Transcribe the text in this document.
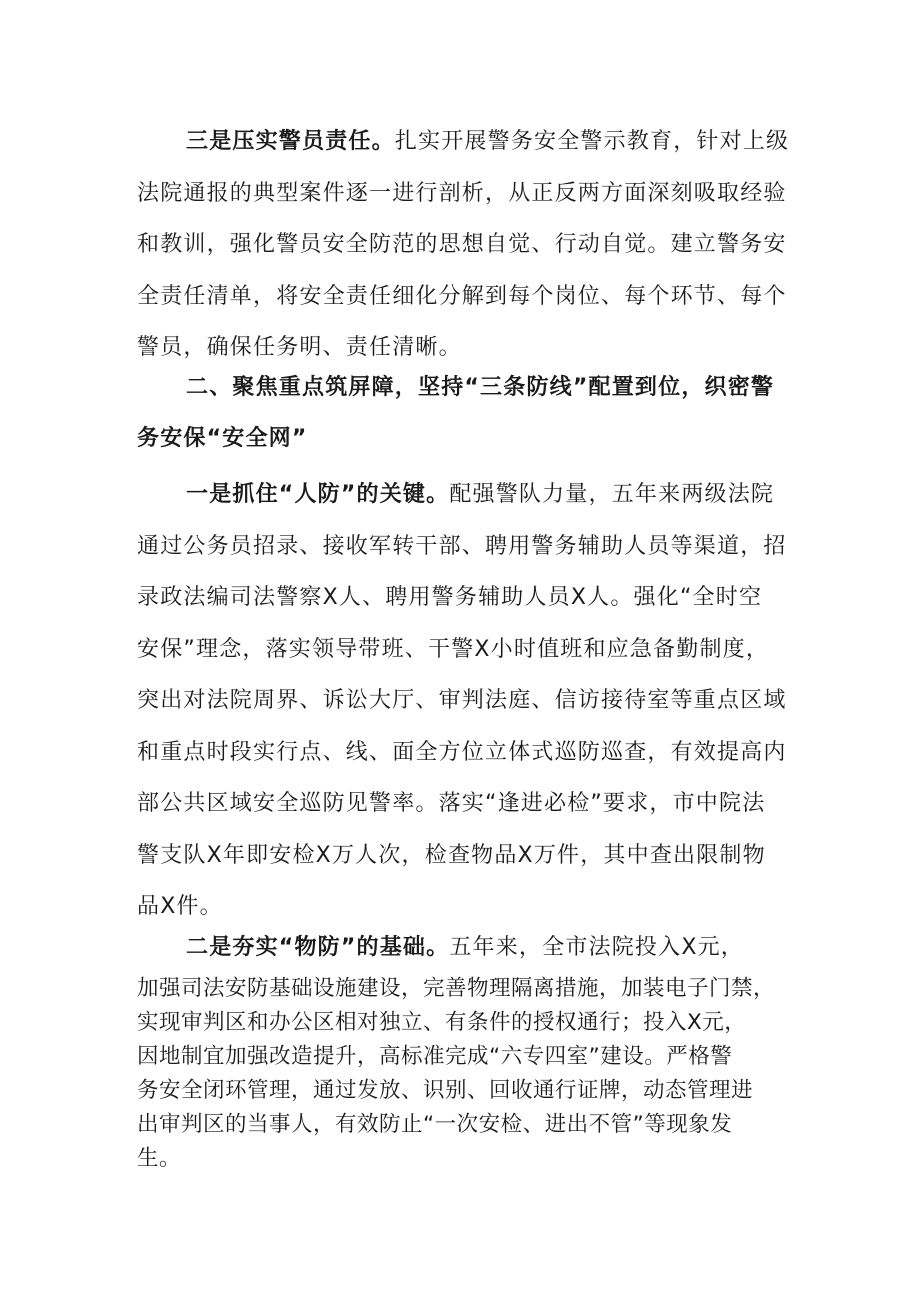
三是压实警员责任。扎实开展警务安全警示教育，针对上级
法院通报的典型案件逐一进行剖析，从正反两方面深刻吸取经验
和教训，强化警员安全防范的思想自觉、行动自觉。建立警务安
全责任清单，将安全责任细化分解到每个岗位、每个环节、每个
警员，确保任务明、责任清晰。

二、聚焦重点筑屏障，坚持“三条防线”配置到位，织密警
务安保“安全网”

一是抓住“人防”的关键。配强警队力量，五年来两级法院
通过公务员招录、接收军转干部、聘用警务辅助人员等渠道，招
录政法编司法警察X人、聘用警务辅助人员X人。强化“全时空
安保”理念，落实领导带班、干警X小时值班和应急备勤制度，
突出对法院周界、诉讼大厅、审判法庭、信访接待室等重点区域
和重点时段实行点、线、面全方位立体式巡防巡查，有效提高内
部公共区域安全巡防见警率。落实“逢进必检”要求，市中院法
警支队X年即安检X万人次，检查物品X万件，其中查出限制物
品X件。

二是夯实“物防”的基础。五年来，全市法院投入X元，

加强司法安防基础设施建设，完善物理隔离措施，加装电子门禁，
实现审判区和办公区相对独立、有条件的授权通行；投入X元，
因地制宜加强改造提升，高标准完成“六专四室”建设。严格警
务安全闭环管理，通过发放、识别、回收通行证牌，动态管理进
出审判区的当事人，有效防止“一次安检、进出不管”等现象发
生。
